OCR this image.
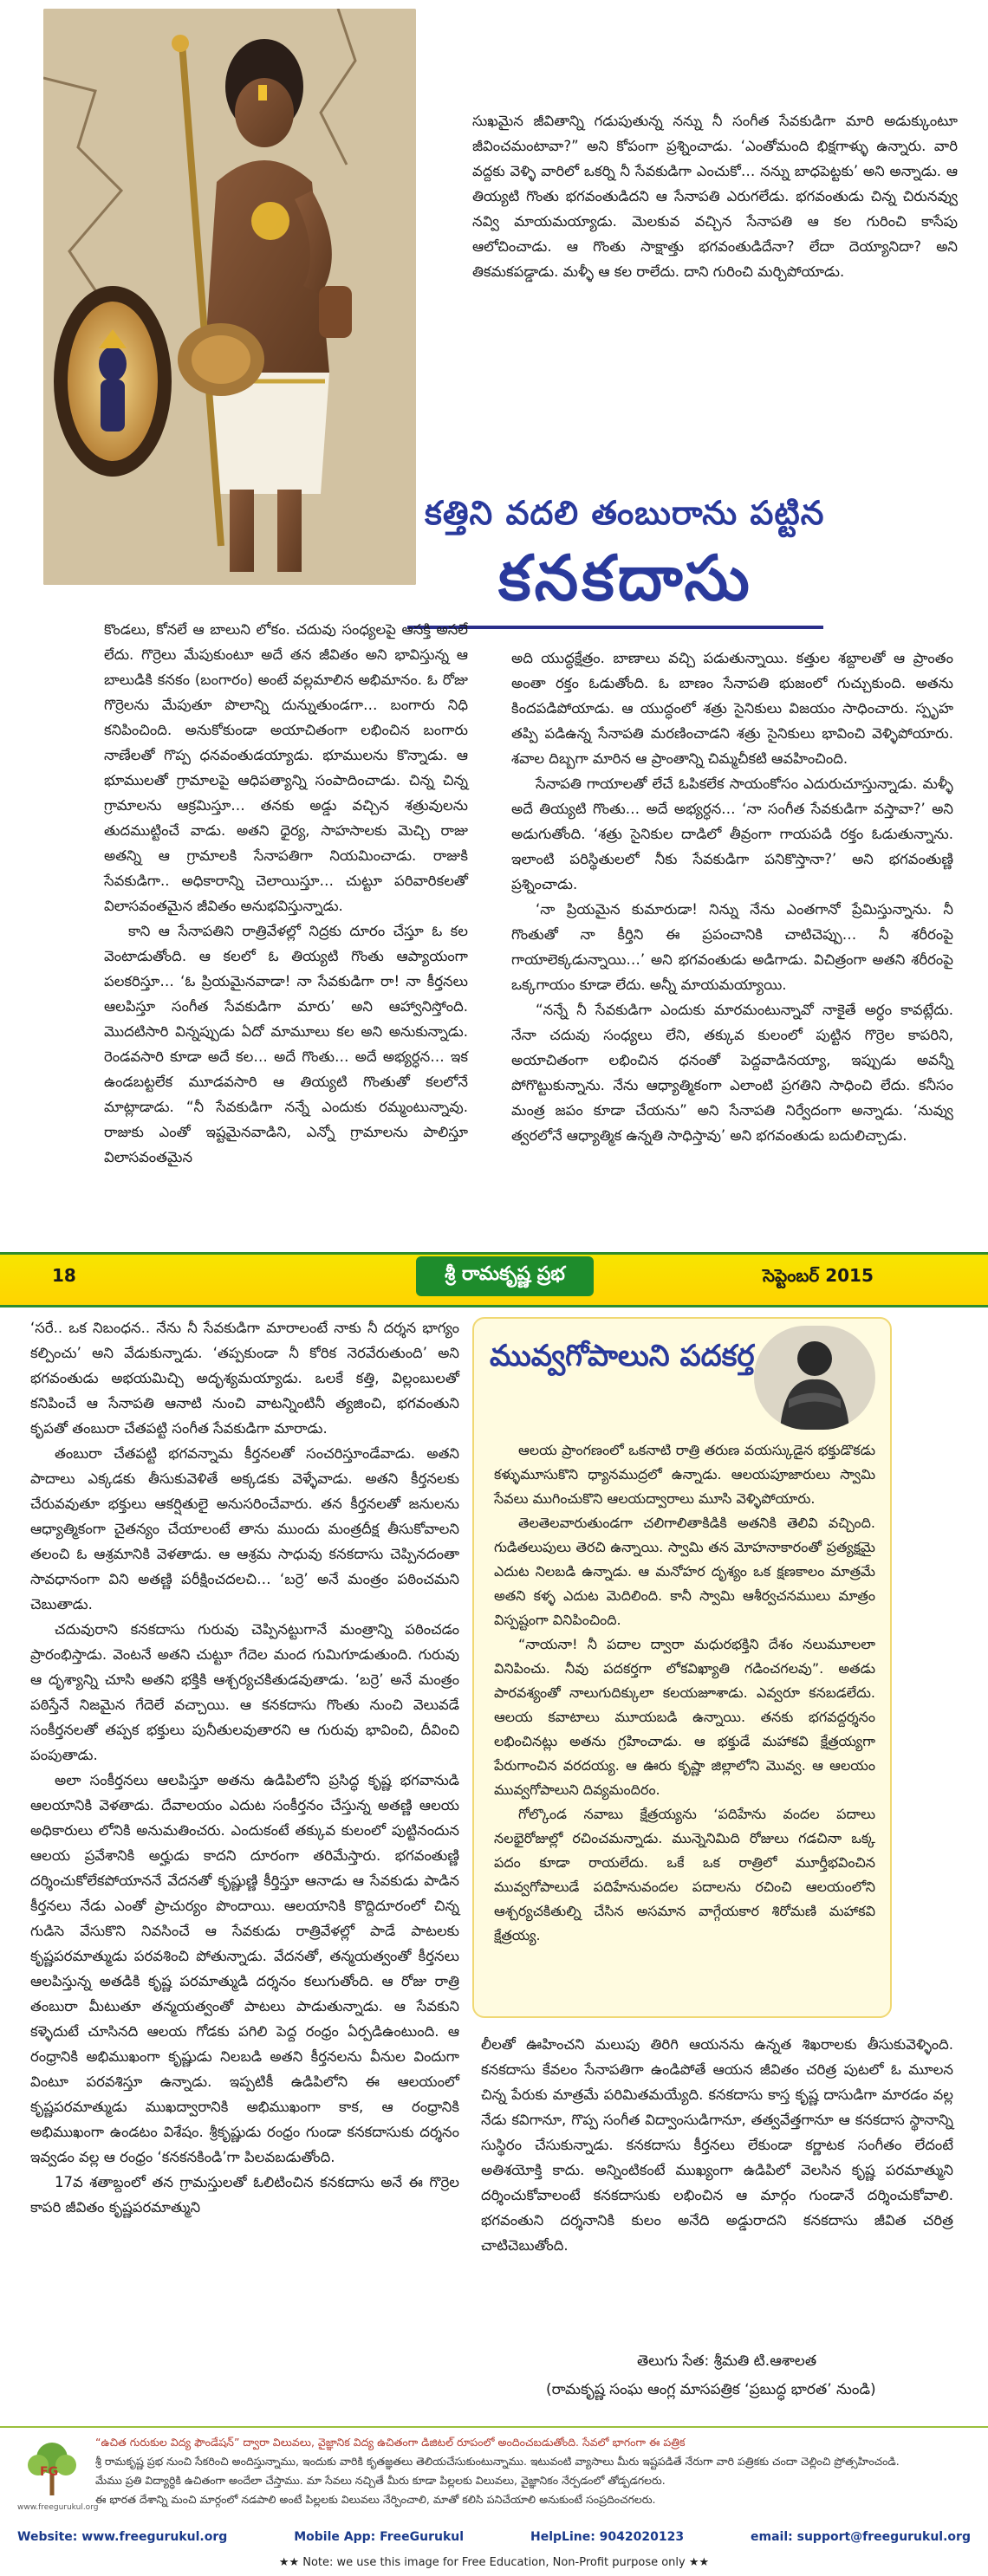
కత్తిని వదలి తంబురాను పట్టిన
కనకదాసు

సుఖమైన జీవితాన్ని గడుపుతున్న నన్ను నీ సంగీత సేవకుడిగా మారి అడుక్కుంటూ జీవించమంటావా?” అని కోపంగా ప్రశ్నించాడు. ‘ఎంతోమంది భిక్షగాళ్ళు ఉన్నారు. వారి వద్దకు వెళ్ళి వారిలో ఒకర్ని నీ సేవకుడిగా ఎంచుకో… నన్ను బాధపెట్టకు’ అని అన్నాడు. ఆ తియ్యటి గొంతు భగవంతుడిదని ఆ సేనాపతి ఎరుగలేడు. భగవంతుడు చిన్న చిరునవ్వు నవ్వి మాయమయ్యాడు. మెలకువ వచ్చిన సేనాపతి ఆ కల గురించి కాసేపు ఆలోచించాడు. ఆ గొంతు సాక్షాత్తు భగవంతుడిదేనా? లేదా దెయ్యానిదా? అని తికమకపడ్డాడు. మళ్ళీ ఆ కల రాలేదు. దాని గురించి మర్చిపోయాడు.

కొండలు, కోనలే ఆ బాలుని లోకం. చదువు సంధ్యలపై ఆసక్తి అసలే లేదు. గొర్రెలు మేపుకుంటూ అదే తన జీవితం అని భావిస్తున్న ఆ బాలుడికి కనకం (బంగారం) అంటే వల్లమాలిన అభిమానం. ఓ రోజు గొర్రెలను మేపుతూ పొలాన్ని దున్నుతుండగా… బంగారు నిధి కనిపించింది. అనుకోకుండా అయాచితంగా లభించిన బంగారు నాణేలతో గొప్ప ధనవంతుడయ్యాడు. భూములను కొన్నాడు. ఆ భూములతో గ్రామాలపై ఆధిపత్యాన్ని సంపాదించాడు. చిన్న చిన్న గ్రామాలను ఆక్రమిస్తూ… తనకు అడ్డు వచ్చిన శత్రువులను తుదముట్టించే వాడు. అతని ధైర్య, సాహసాలకు మెచ్చి రాజు అతన్ని ఆ గ్రామాలకి సేనాపతిగా నియమించాడు. రాజుకి సేవకుడిగా.. అధికారాన్ని చెలాయిస్తూ… చుట్టూ పరివారికలతో విలాసవంతమైన జీవితం అనుభవిస్తున్నాడు.

కాని ఆ సేనాపతిని రాత్రివేళల్లో నిద్రకు దూరం చేస్తూ ఓ కల వెంటాడుతోంది. ఆ కలలో ఓ తియ్యటి గొంతు ఆప్యాయంగా పలకరిస్తూ… ‘ఓ ప్రియమైనవాడా! నా సేవకుడిగా రా! నా కీర్తనలు ఆలపిస్తూ సంగీత సేవకుడిగా మారు’ అని ఆహ్వానిస్తోంది. మొదటిసారి విన్నప్పుడు ఏదో మామూలు కల అని అనుకున్నాడు. రెండవసారి కూడా అదే కల… అదే గొంతు… అదే అభ్యర్ధన… ఇక ఉండబట్టలేక మూడవసారి ఆ తియ్యటి గొంతుతో కలలోనే మాట్లాడాడు. “నీ సేవకుడిగా నన్నే ఎందుకు రమ్మంటున్నావు. రాజుకు ఎంతో ఇష్టమైనవాడిని, ఎన్నో గ్రామాలను పాలిస్తూ విలాసవంతమైన

అది యుద్ధక్షేత్రం. బాణాలు వచ్చి పడుతున్నాయి. కత్తుల శబ్దాలతో ఆ ప్రాంతం అంతా రక్తం ఓడుతోంది. ఓ బాణం సేనాపతి భుజంలో గుచ్చుకుంది. అతను కిందపడిపోయాడు. ఆ యుద్ధంలో శత్రు సైనికులు విజయం సాధించారు. స్పృహ తప్పి పడిఉన్న సేనాపతి మరణించాడని శత్రు సైనికులు భావించి వెళ్ళిపోయారు. శవాల దిబ్బగా మారిన ఆ ప్రాంతాన్ని చిమ్మచీకటి ఆవహించింది.

సేనాపతి గాయాలతో లేచే ఓపికలేక సాయంకోసం ఎదురుచూస్తున్నాడు. మళ్ళీ అదే తియ్యటి గొంతు… అదే అభ్యర్ధన… ‘నా సంగీత సేవకుడిగా వస్తావా?’ అని అడుగుతోంది. ‘శత్రు సైనికుల దాడిలో తీవ్రంగా గాయపడి రక్తం ఓడుతున్నాను. ఇలాంటి పరిస్థితులలో నీకు సేవకుడిగా పనికొస్తానా?’ అని భగవంతుణ్ణి ప్రశ్నించాడు.

‘నా ప్రియమైన కుమారుడా! నిన్ను నేను ఎంతగానో ప్రేమిస్తున్నాను. నీ గొంతుతో నా కీర్తిని ఈ ప్రపంచానికి చాటిచెప్పు… నీ శరీరంపై గాయాలెక్కడున్నాయి…’ అని భగవంతుడు అడిగాడు. విచిత్రంగా అతని శరీరంపై ఒక్కగాయం కూడా లేదు. అన్నీ మాయమయ్యాయి.

“నన్నే నీ సేవకుడిగా ఎందుకు మారమంటున్నావో నాకైతే అర్ధం కావట్లేదు. నేనా చదువు సంధ్యలు లేని, తక్కువ కులంలో పుట్టిన గొర్రెల కాపరిని, అయాచితంగా లభించిన ధనంతో పెద్దవాడినయ్యా, ఇప్పుడు అవన్నీ పోగొట్టుకున్నాను. నేను ఆధ్యాత్మికంగా ఎలాంటి ప్రగతిని సాధించి లేదు. కనీసం మంత్ర జపం కూడా చేయను” అని సేనాపతి నిర్వేదంగా అన్నాడు. ‘నువ్వు త్వరలోనే ఆధ్యాత్మిక ఉన్నతి సాధిస్తావు’ అని భగవంతుడు బదులిచ్చాడు.

18	శ్రీ రామకృష్ణ ప్రభ	సెప్టెంబర్ 2015

‘సరే.. ఒక నిబంధన.. నేను నీ సేవకుడిగా మారాలంటే నాకు నీ దర్శన భాగ్యం కల్పించు’ అని వేడుకున్నాడు. ‘తప్పకుండా నీ కోరిక నెరవేరుతుంది’ అని భగవంతుడు అభయమిచ్చి అదృశ్యమయ్యాడు. ఒలకే కత్తి, విల్లంబులతో కనిపించే ఆ సేనాపతి ఆనాటి నుంచి వాటన్నింటినీ త్యజించి, భగవంతుని కృపతో తంబురా చేతపట్టి సంగీత సేవకుడిగా మారాడు.

తంబురా చేతపట్టి భగవన్నామ కీర్తనలతో సంచరిస్తూండేవాడు. అతని పాదాలు ఎక్కడకు తీసుకువెళితే అక్కడకు వెళ్ళేవాడు. అతని కీర్తనలకు చేరువవుతూ భక్తులు ఆకర్షితులై అనుసరించేవారు. తన కీర్తనలతో జనులను ఆధ్యాత్మికంగా చైతన్యం చేయాలంటే తాను ముందు మంత్రదీక్ష తీసుకోవాలని తలంచి ఓ ఆశ్రమానికి వెళతాడు. ఆ ఆశ్రమ సాధువు కనకదాసు చెప్పినదంతా సావధానంగా విని అతణ్ణి పరీక్షించదలచి… ‘బర్రె’ అనే మంత్రం పఠించమని చెబుతాడు.

చదువురాని కనకదాసు గురువు చెప్పినట్టుగానే మంత్రాన్ని పఠించడం ప్రారంభిస్తాడు. వెంటనే అతని చుట్టూ గేదెల మంద గుమిగూడుతుంది. గురువు ఆ దృశ్యాన్ని చూసి అతని భక్తికి ఆశ్చర్యచకితుడవుతాడు. ‘బర్రె’ అనే మంత్రం పఠిస్తేనే నిజమైన గేదెలే వచ్చాయి. ఆ కనకదాసు గొంతు నుంచి వెలువడే సంకీర్తనలతో తప్పక భక్తులు పునీతులవుతారని ఆ గురువు భావించి, దీవించి పంపుతాడు.

అలా సంకీర్తనలు ఆలపిస్తూ అతను ఉడిపిలోని ప్రసిద్ధ కృష్ణ భగవానుడి ఆలయానికి వెళతాడు. దేవాలయం ఎదుట సంకీర్తనం చేస్తున్న అతణ్ణి ఆలయ అధికారులు లోనికి అనుమతించరు. ఎందుకంటే తక్కువ కులంలో పుట్టినందున ఆలయ ప్రవేశానికి అర్హుడు కాదని దూరంగా తరిమేస్తారు. భగవంతుణ్ణి దర్శించుకోలేకపోయాననే వేదనతో కృష్ణుణ్ణి కీర్తిస్తూ ఆనాడు ఆ సేవకుడు పాడిన కీర్తనలు నేడు ఎంతో ప్రాచుర్యం పొందాయి. ఆలయానికి కొద్దిదూరంలో చిన్న గుడిసె వేసుకొని నివసించే ఆ సేవకుడు రాత్రివేళల్లో పాడే పాటలకు కృష్ణపరమాత్ముడు పరవశించి పోతున్నాడు. వేదనతో, తన్మయత్వంతో కీర్తనలు ఆలపిస్తున్న అతడికి కృష్ణ పరమాత్ముడి దర్శనం కలుగుతోంది. ఆ రోజు రాత్రి తంబురా మీటుతూ తన్మయత్వంతో పాటలు పాడుతున్నాడు. ఆ సేవకుని కళ్ళెదుటే చూసినది ఆలయ గోడకు పగిలి పెద్ద రంధ్రం ఏర్పడిఉంటుంది. ఆ రంధ్రానికి అభిముఖంగా కృష్ణుడు నిలబడి అతని కీర్తనలను వీనుల విందుగా వింటూ పరవశిస్తూ ఉన్నాడు. ఇప్పటికీ ఉడిపిలోని ఈ ఆలయంలో కృష్ణపరమాత్ముడు ముఖద్వారానికి అభిముఖంగా కాక, ఆ రంధ్రానికి అభిముఖంగా ఉండటం విశేషం. శ్రీకృష్ణుడు రంధ్రం గుండా కనకదాసుకు దర్శనం ఇవ్వడం వల్ల ఆ రంధ్రం ‘కనకనకిండి’గా పిలవబడుతోంది.

17వ శతాబ్దంలో తన గ్రామస్తులతో ఓలిటించిన కనకదాసు అనే ఈ గొర్రెల కాపరి జీవితం కృష్ణపరమాత్ముని

మువ్వగోపాలుని పదకర్త

ఆలయ ప్రాంగణంలో ఒకనాటి రాత్రి తరుణ వయస్కుడైన భక్తుడొకడు కళ్ళుమూసుకొని ధ్యానముద్రలో ఉన్నాడు. ఆలయపూజారులు స్వామి సేవలు ముగించుకొని ఆలయద్వారాలు మూసి వెళ్ళిపోయారు.

తెలతెలవారుతుండగా చలిగాలితాకిడికి అతనికి తెలివి వచ్చింది. గుడితలుపులు తెరచి ఉన్నాయి. స్వామి తన మోహనాకారంతో ప్రత్యక్షమై ఎదుట నిలబడి ఉన్నాడు. ఆ మనోహర దృశ్యం ఒక క్షణకాలం మాత్రమే అతని కళ్ళ ఎదుట మెదిలింది. కానీ స్వామి ఆశీర్వచనములు మాత్రం విస్పష్టంగా వినిపించింది.

“నాయనా! నీ పదాల ద్వారా మధురభక్తిని దేశం నలుమూలలా వినిపించు. నీవు పదకర్తగా లోకవిఖ్యాతి గడించగలవు”. అతడు పారవశ్యంతో నాలుగుదిక్కులా కలయజూశాడు. ఎవ్వరూ కనబడలేదు. ఆలయ కవాటాలు మూయబడి ఉన్నాయి. తనకు భగవద్దర్శనం లభించినట్లు అతను గ్రహించాడు. ఆ భక్తుడే మహాకవి క్షేత్రయ్యగా పేరుగాంచిన వరదయ్య. ఆ ఊరు కృష్ణా జిల్లాలోని మొవ్వ. ఆ ఆలయం మువ్వగోపాలుని దివ్యమందిరం.

గోల్కొండ నవాబు క్షేత్రయ్యను ‘పదిహేను వందల పదాలు నలభైరోజుల్లో రచించమన్నాడు. మున్నెనిమిది రోజులు గడచినా ఒక్క పదం కూడా రాయలేదు. ఒకే ఒక రాత్రిలో మూర్తీభవించిన మువ్వగోపాలుడే పదిహేనువందల పదాలను రచించి ఆలయంలోని ఆశ్చర్యచకితుల్ని చేసిన అసమాన వాగ్గేయకార శిరోమణి మహాకవి క్షేత్రయ్య.

లీలతో ఊహించని మలుపు తిరిగి ఆయనను ఉన్నత శిఖరాలకు తీసుకువెళ్ళింది. కనకదాసు కేవలం సేనాపతిగా ఉండిపోతే ఆయన జీవితం చరిత్ర పుటలో ఓ మూలన చిన్న పేరుకు మాత్రమే పరిమితమయ్యేది. కనకదాసు కాస్త కృష్ణ దాసుడిగా మారడం వల్ల నేడు కవిగానూ, గొప్ప సంగీత విద్వాంసుడిగానూ, తత్వవేత్తగానూ ఆ కనకదాస స్థానాన్ని సుస్థిరం చేసుకున్నాడు. కనకదాసు కీర్తనలు లేకుండా కర్ణాటక సంగీతం లేదంటే అతిశయోక్తి కాదు. అన్నింటికంటే ముఖ్యంగా ఉడిపిలో వెలసిన కృష్ణ పరమాత్ముని దర్శించుకోవాలంటే కనకదాసుకు లభించిన ఆ మార్గం గుండానే దర్శించుకోవాలి. భగవంతుని దర్శనానికి కులం అనేది అడ్డురాదని కనకదాసు జీవిత చరిత్ర చాటిచెబుతోంది.

తెలుగు సేత: శ్రీమతి టి.ఆశాలత
(రామకృష్ణ సంఘ ఆంగ్ల మాసపత్రిక ‘ప్రబుద్ధ భారత’ నుండి)
FG
www.freegurukul.org
“ఉచిత గురుకుల విద్య ఫౌండేషన్” ద్వారా విలువలు, వైజ్ఞానిక విద్య ఉచితంగా డిజిటల్ రూపంలో అందించబడుతోంది. సేవలో భాగంగా ఈ పత్రిక
శ్రీ రామకృష్ణ ప్రభ నుంచి సేకరించి అందిస్తున్నాము, ఇందుకు వారికి కృతజ్ఞతలు తెలియచేసుకుంటున్నాము. ఇటువంటి వ్యాసాలు మీరు ఇష్టపడితే నేరుగా వారి పత్రికకు చందా చెల్లించి ప్రోత్సహించండి.
మేము ప్రతి విద్యార్ధికి ఉచితంగా అందేలా చేస్తాము. మా సేవలు నచ్చితే మీరు కూడా పిల్లలకు విలువలు, వైజ్ఞానికం నేర్పడంలో తోడ్పడగలరు.
ఈ భారత దేశాన్ని మంచి మార్గంలో నడపాలి అంటే పిల్లలకు విలువలు నేర్పించాలి, మాతో కలిసి పనిచేయాలి అనుకుంటే సంప్రదించగలరు.
Website: www.freegurukul.org	Mobile App: FreeGurukul	HelpLine: 9042020123	email: support@freegurukul.org
★★ Note: we use this image for Free Education, Non-Profit purpose only ★★
